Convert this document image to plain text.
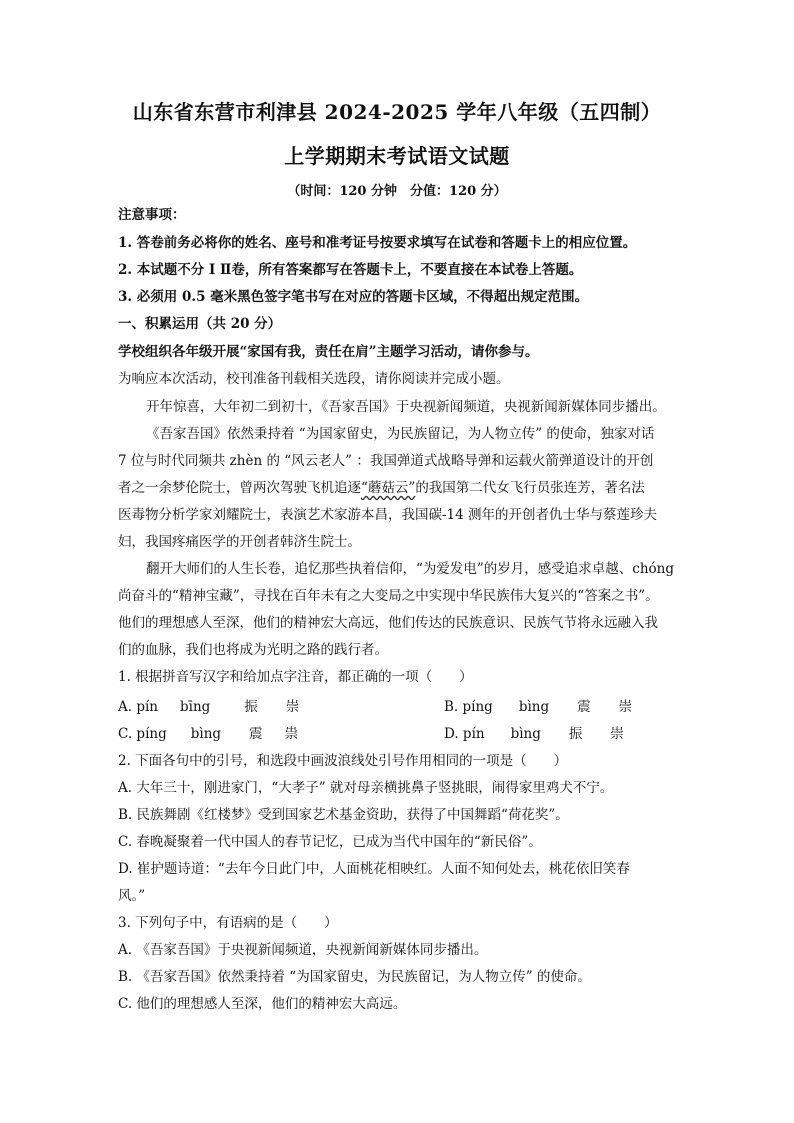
山东省东营市利津县 2024-2025 学年八年级（五四制）
上学期期末考试语文试题
（时间：120 分钟　分值：120 分）
注意事项：
1. 答卷前务必将你的姓名、座号和准考证号按要求填写在试卷和答题卡上的相应位置。
2. 本试题不分 I Ⅱ卷，所有答案都写在答题卡上，不要直接在本试卷上答题。
3. 必须用 0.5 毫米黑色签字笔书写在对应的答题卡区域，不得超出规定范围。
一、积累运用（共 20 分）
学校组织各年级开展“家国有我，责任在肩”主题学习活动，请你参与。
为响应本次活动，校刊准备刊载相关选段，请你阅读并完成小题。
开年惊喜，大年初二到初十，《吾家吾国》于央视新闻频道，央视新闻新媒体同步播出。
《吾家吾国》依然秉持着 “为国家留史，为民族留记，为人物立传” 的使命，独家对话
7 位与时代同频共 zhèn 的 “风云老人” ：我国弹道式战略导弹和运载火箭弹道设计的开创
者之一余梦伦院士，曾两次驾驶飞机追逐“蘑菇云”的我国第二代女飞行员张连芳，著名法
医毒物分析学家刘耀院士，表演艺术家游本昌，我国碳-14 测年的开创者仇士华与蔡莲珍夫
妇，我国疼痛医学的开创者韩济生院士。
翻开大师们的人生长卷，追忆那些执着信仰，“为爱发电”的岁月，感受追求卓越、chóng
尚奋斗的“精神宝藏”，寻找在百年未有之大变局之中实现中华民族伟大复兴的“答案之书”。
他们的理想感人至深，他们的精神宏大高远，他们传达的民族意识、民族气节将永远融入我
们的血脉，我们也将成为光明之路的践行者。
1. 根据拼音写汉字和给加点字注音，都正确的一项（　　）
A. pín bīng	振 崇	B. píng bìng 震 崇
C. píng bìng 震 祟	D. pín bìng 振 崇
2. 下面各句中的引号，和选段中画波浪线处引号作用相同的一项是（　　）
A. 大年三十，刚进家门，“大孝子” 就对母亲横挑鼻子竖挑眼，闹得家里鸡犬不宁。
B. 民族舞剧《红楼梦》受到国家艺术基金资助，获得了中国舞蹈“荷花奖”。
C. 春晚凝聚着一代中国人的春节记忆，已成为当代中国年的“新民俗”。
D. 崔护题诗道：“去年今日此门中，人面桃花相映红。人面不知何处去，桃花依旧笑春
风。”
3. 下列句子中，有语病的是（　　）
A. 《吾家吾国》于央视新闻频道，央视新闻新媒体同步播出。
B. 《吾家吾国》依然秉持着 “为国家留史，为民族留记，为人物立传” 的使命。
C. 他们的理想感人至深，他们的精神宏大高远。
